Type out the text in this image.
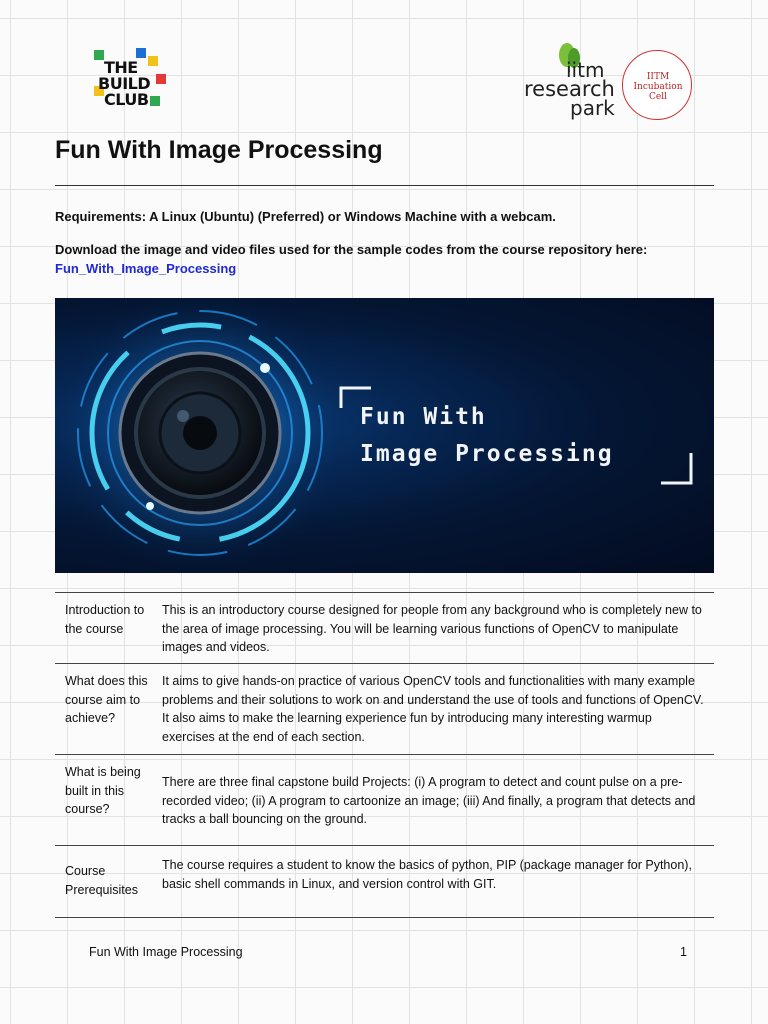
THE
BUILD
CLUB
iitm
research
park
IITM
Incubation
Cell
Fun With Image Processing
Requirements: A Linux (Ubuntu) (Preferred) or Windows Machine with a webcam.
Download the image and video files used for the sample codes from the course repository here:
Fun_With_Image_Processing
Fun With
Image Processing
Introduction to the course
This is an introductory course designed for people from any background who is completely new to the area of image processing. You will be learning various functions of OpenCV to manipulate images and videos.
What does this course aim to achieve?
It aims to give hands-on practice of various OpenCV tools and functionalities with many example problems and their solutions to work on and understand the use of tools and functions of OpenCV. It also aims to make the learning experience fun by introducing many interesting warmup exercises at the end of each section.
What is being built in this course?
There are three final capstone build Projects: (i) A program to detect and count pulse on a pre-recorded video; (ii) A program to cartoonize an image; (iii) And finally, a program that detects and tracks a ball bouncing on the ground.
Course Prerequisites
The course requires a student to know the basics of python, PIP (package manager for Python), basic shell commands in Linux, and version control with GIT.
Fun With Image Processing	1
